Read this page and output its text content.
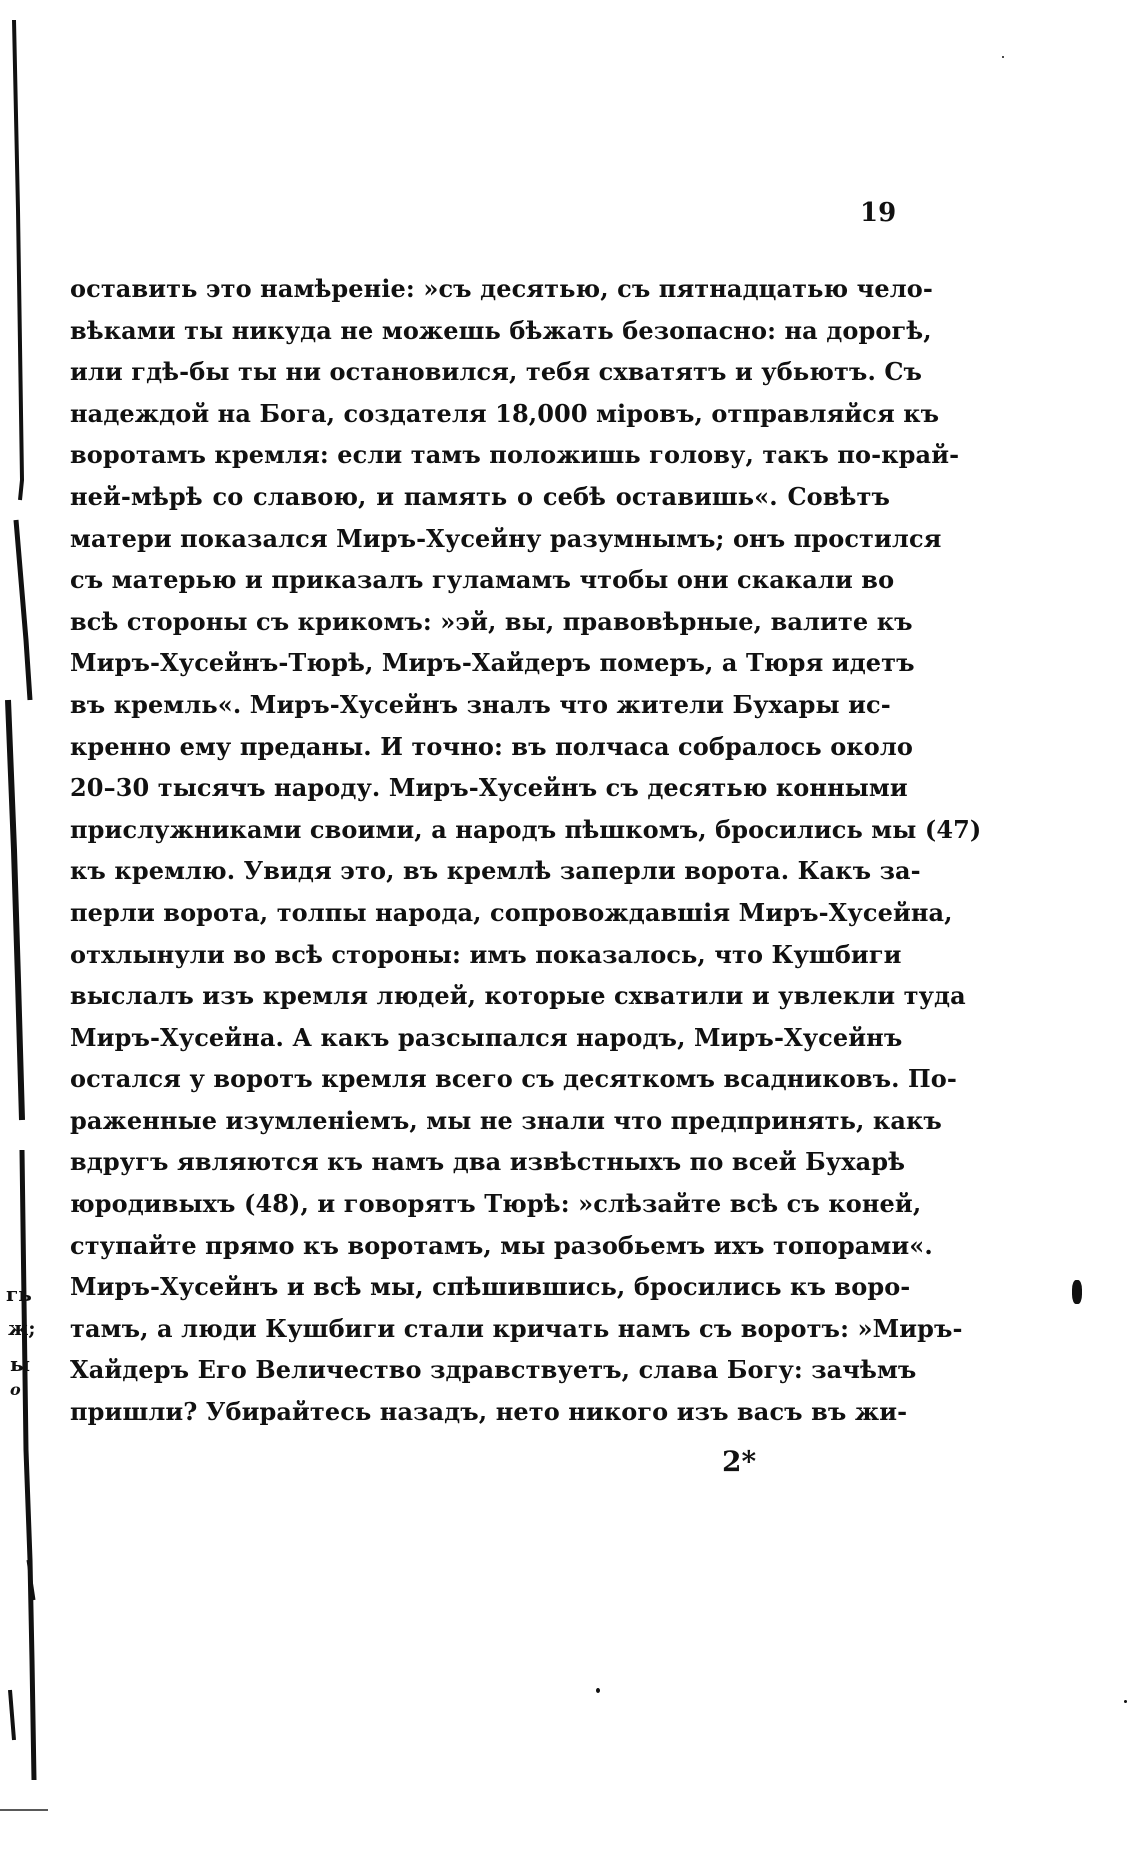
гь
ж;
ы
о
19
оставить это намѣреніе: »съ десятью, съ пятнадцатью чело-
вѣками ты никуда не можешь бѣжать безопасно: на дорогѣ,
или гдѣ-бы ты ни остановился, тебя схватятъ и убьютъ. Съ
надеждой на Бога, создателя 18,000 міровъ, отправляйся къ
воротамъ кремля: если тамъ положишь голову, такъ по-край-
ней-мѣрѣ со славою, и память о себѣ оставишь«. Совѣтъ
матери показался Миръ-Хусейну разумнымъ; онъ простился
съ матерью и приказалъ гуламамъ чтобы они скакали во
всѣ стороны съ крикомъ: »эй, вы, правовѣрные, валите къ
Миръ-Хусейнъ-Тюрѣ, Миръ-Хайдеръ померъ, а Тюря идетъ
въ кремль«. Миръ-Хусейнъ зналъ что жители Бухары ис-
кренно ему преданы. И точно: въ полчаса собралось около
20–30 тысячъ народу. Миръ-Хусейнъ съ десятью конными
прислужниками своими, а народъ пѣшкомъ, бросились мы (47)
къ кремлю. Увидя это, въ кремлѣ заперли ворота. Какъ за-
перли ворота, толпы народа, сопровождавшія Миръ-Хусейна,
отхлынули во всѣ стороны: имъ показалось, что Кушбиги
выслалъ изъ кремля людей, которые схватили и увлекли туда
Миръ-Хусейна. А какъ разсыпался народъ, Миръ-Хусейнъ
остался у воротъ кремля всего съ десяткомъ всадниковъ. По-
раженные изумленіемъ, мы не знали что предпринять, какъ
вдругъ являются къ намъ два извѣстныхъ по всей Бухарѣ
юродивыхъ (48), и говорятъ Тюрѣ: »слѣзайте всѣ съ коней,
ступайте прямо къ воротамъ, мы разобьемъ ихъ топорами«.
Миръ-Хусейнъ и всѣ мы, спѣшившись, бросились къ воро-
тамъ, а люди Кушбиги стали кричать намъ съ воротъ: »Миръ-
Хайдеръ Его Величество здравствуетъ, слава Богу: зачѣмъ
пришли? Убирайтесь назадъ, нето никого изъ васъ въ жи-
2*
